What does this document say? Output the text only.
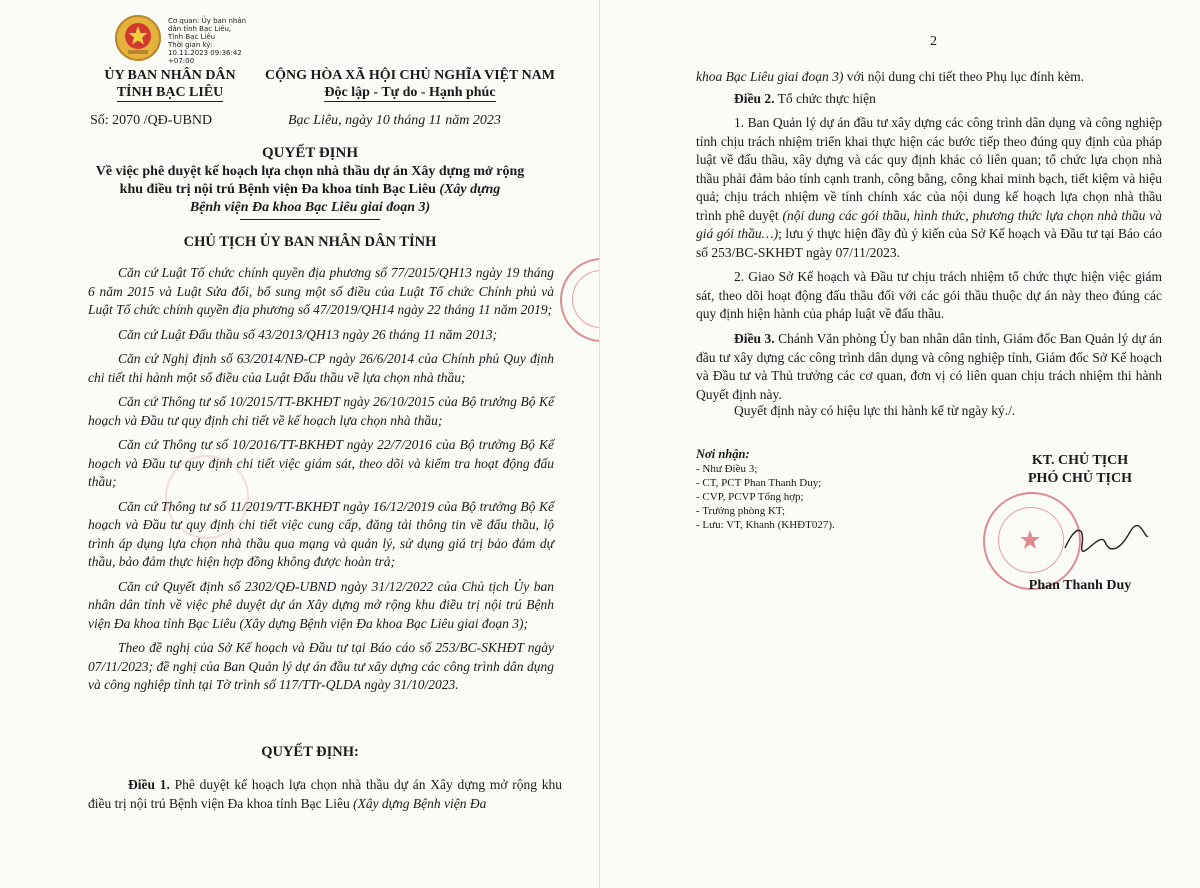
Cơ quan: Ủy ban nhân
dân tỉnh Bạc Liêu,
Tỉnh Bạc Liêu
Thời gian ký:
10.11.2023 09:36:42
+07:00
ỦY BAN NHÂN DÂN
TỈNH BẠC LIÊU
CỘNG HÒA XÃ HỘI CHỦ NGHĨA VIỆT NAM
Độc lập - Tự do - Hạnh phúc
Số: 2070 /QĐ-UBND	Bạc Liêu, ngày 10 tháng 11 năm 2023
QUYẾT ĐỊNH
Về việc phê duyệt kế hoạch lựa chọn nhà thầu dự án Xây dựng mở rộng
khu điều trị nội trú Bệnh viện Đa khoa tỉnh Bạc Liêu (Xây dựng
Bệnh viện Đa khoa Bạc Liêu giai đoạn 3)
CHỦ TỊCH ỦY BAN NHÂN DÂN TỈNH

Căn cứ Luật Tổ chức chính quyền địa phương số 77/2015/QH13 ngày 19 tháng 6 năm 2015 và Luật Sửa đổi, bổ sung một số điều của Luật Tổ chức Chính phủ và Luật Tổ chức chính quyền địa phương số 47/2019/QH14 ngày 22 tháng 11 năm 2019;

Căn cứ Luật Đấu thầu số 43/2013/QH13 ngày 26 tháng 11 năm 2013;

Căn cứ Nghị định số 63/2014/NĐ-CP ngày 26/6/2014 của Chính phủ Quy định chi tiết thi hành một số điều của Luật Đấu thầu về lựa chọn nhà thầu;

Căn cứ Thông tư số 10/2015/TT-BKHĐT ngày 26/10/2015 của Bộ trưởng Bộ Kế hoạch và Đầu tư quy định chi tiết về kế hoạch lựa chọn nhà thầu;

Căn cứ Thông tư số 10/2016/TT-BKHĐT ngày 22/7/2016 của Bộ trưởng Bộ Kế hoạch và Đầu tư quy định chi tiết việc giám sát, theo dõi và kiểm tra hoạt động đấu thầu;

Căn cứ Thông tư số 11/2019/TT-BKHĐT ngày 16/12/2019 của Bộ trưởng Bộ Kế hoạch và Đầu tư quy định chi tiết việc cung cấp, đăng tải thông tin về đấu thầu, lộ trình áp dụng lựa chọn nhà thầu qua mạng và quản lý, sử dụng giá trị bảo đảm dự thầu, bảo đảm thực hiện hợp đồng không được hoàn trả;

Căn cứ Quyết định số 2302/QĐ-UBND ngày 31/12/2022 của Chủ tịch Ủy ban nhân dân tỉnh về việc phê duyệt dự án Xây dựng mở rộng khu điều trị nội trú Bệnh viện Đa khoa tỉnh Bạc Liêu (Xây dựng Bệnh viện Đa khoa Bạc Liêu giai đoạn 3);

Theo đề nghị của Sở Kế hoạch và Đầu tư tại Báo cáo số 253/BC-SKHĐT ngày 07/11/2023; đề nghị của Ban Quản lý dự án đầu tư xây dựng các công trình dân dụng và công nghiệp tỉnh tại Tờ trình số 117/TTr-QLDA ngày 31/10/2023.

QUYẾT ĐỊNH:
Điều 1. Phê duyệt kế hoạch lựa chọn nhà thầu dự án Xây dựng mở rộng khu điều trị nội trú Bệnh viện Đa khoa tỉnh Bạc Liêu (Xây dựng Bệnh viện Đa
2
khoa Bạc Liêu giai đoạn 3) với nội dung chi tiết theo Phụ lục đính kèm.
Điều 2. Tổ chức thực hiện
1. Ban Quản lý dự án đầu tư xây dựng các công trình dân dụng và công nghiệp tỉnh chịu trách nhiệm triển khai thực hiện các bước tiếp theo đúng quy định của pháp luật về đấu thầu, xây dựng và các quy định khác có liên quan; tổ chức lựa chọn nhà thầu phải đảm bảo tính cạnh tranh, công bằng, công khai minh bạch, tiết kiệm và hiệu quả; chịu trách nhiệm về tính chính xác của nội dung kế hoạch lựa chọn nhà thầu trình phê duyệt (nội dung các gói thầu, hình thức, phương thức lựa chọn nhà thầu và giá gói thầu…); lưu ý thực hiện đầy đủ ý kiến của Sở Kế hoạch và Đầu tư tại Báo cáo số 253/BC-SKHĐT ngày 07/11/2023.
2. Giao Sở Kế hoạch và Đầu tư chịu trách nhiệm tổ chức thực hiện việc giám sát, theo dõi hoạt động đấu thầu đối với các gói thầu thuộc dự án này theo đúng các quy định hiện hành của pháp luật về đấu thầu.
Điều 3. Chánh Văn phòng Ủy ban nhân dân tỉnh, Giám đốc Ban Quản lý dự án đầu tư xây dựng các công trình dân dụng và công nghiệp tỉnh, Giám đốc Sở Kế hoạch và Đầu tư và Thủ trưởng các cơ quan, đơn vị có liên quan chịu trách nhiệm thi hành Quyết định này.
Quyết định này có hiệu lực thi hành kể từ ngày ký./.
Nơi nhận:
- Như Điều 3;
- CT, PCT Phan Thanh Duy;
- CVP, PCVP Tổng hợp;
- Trưởng phòng KT;
- Lưu: VT, Khanh (KHĐT027).
KT. CHỦ TỊCH
PHÓ CHỦ TỊCH
Phan Thanh Duy
